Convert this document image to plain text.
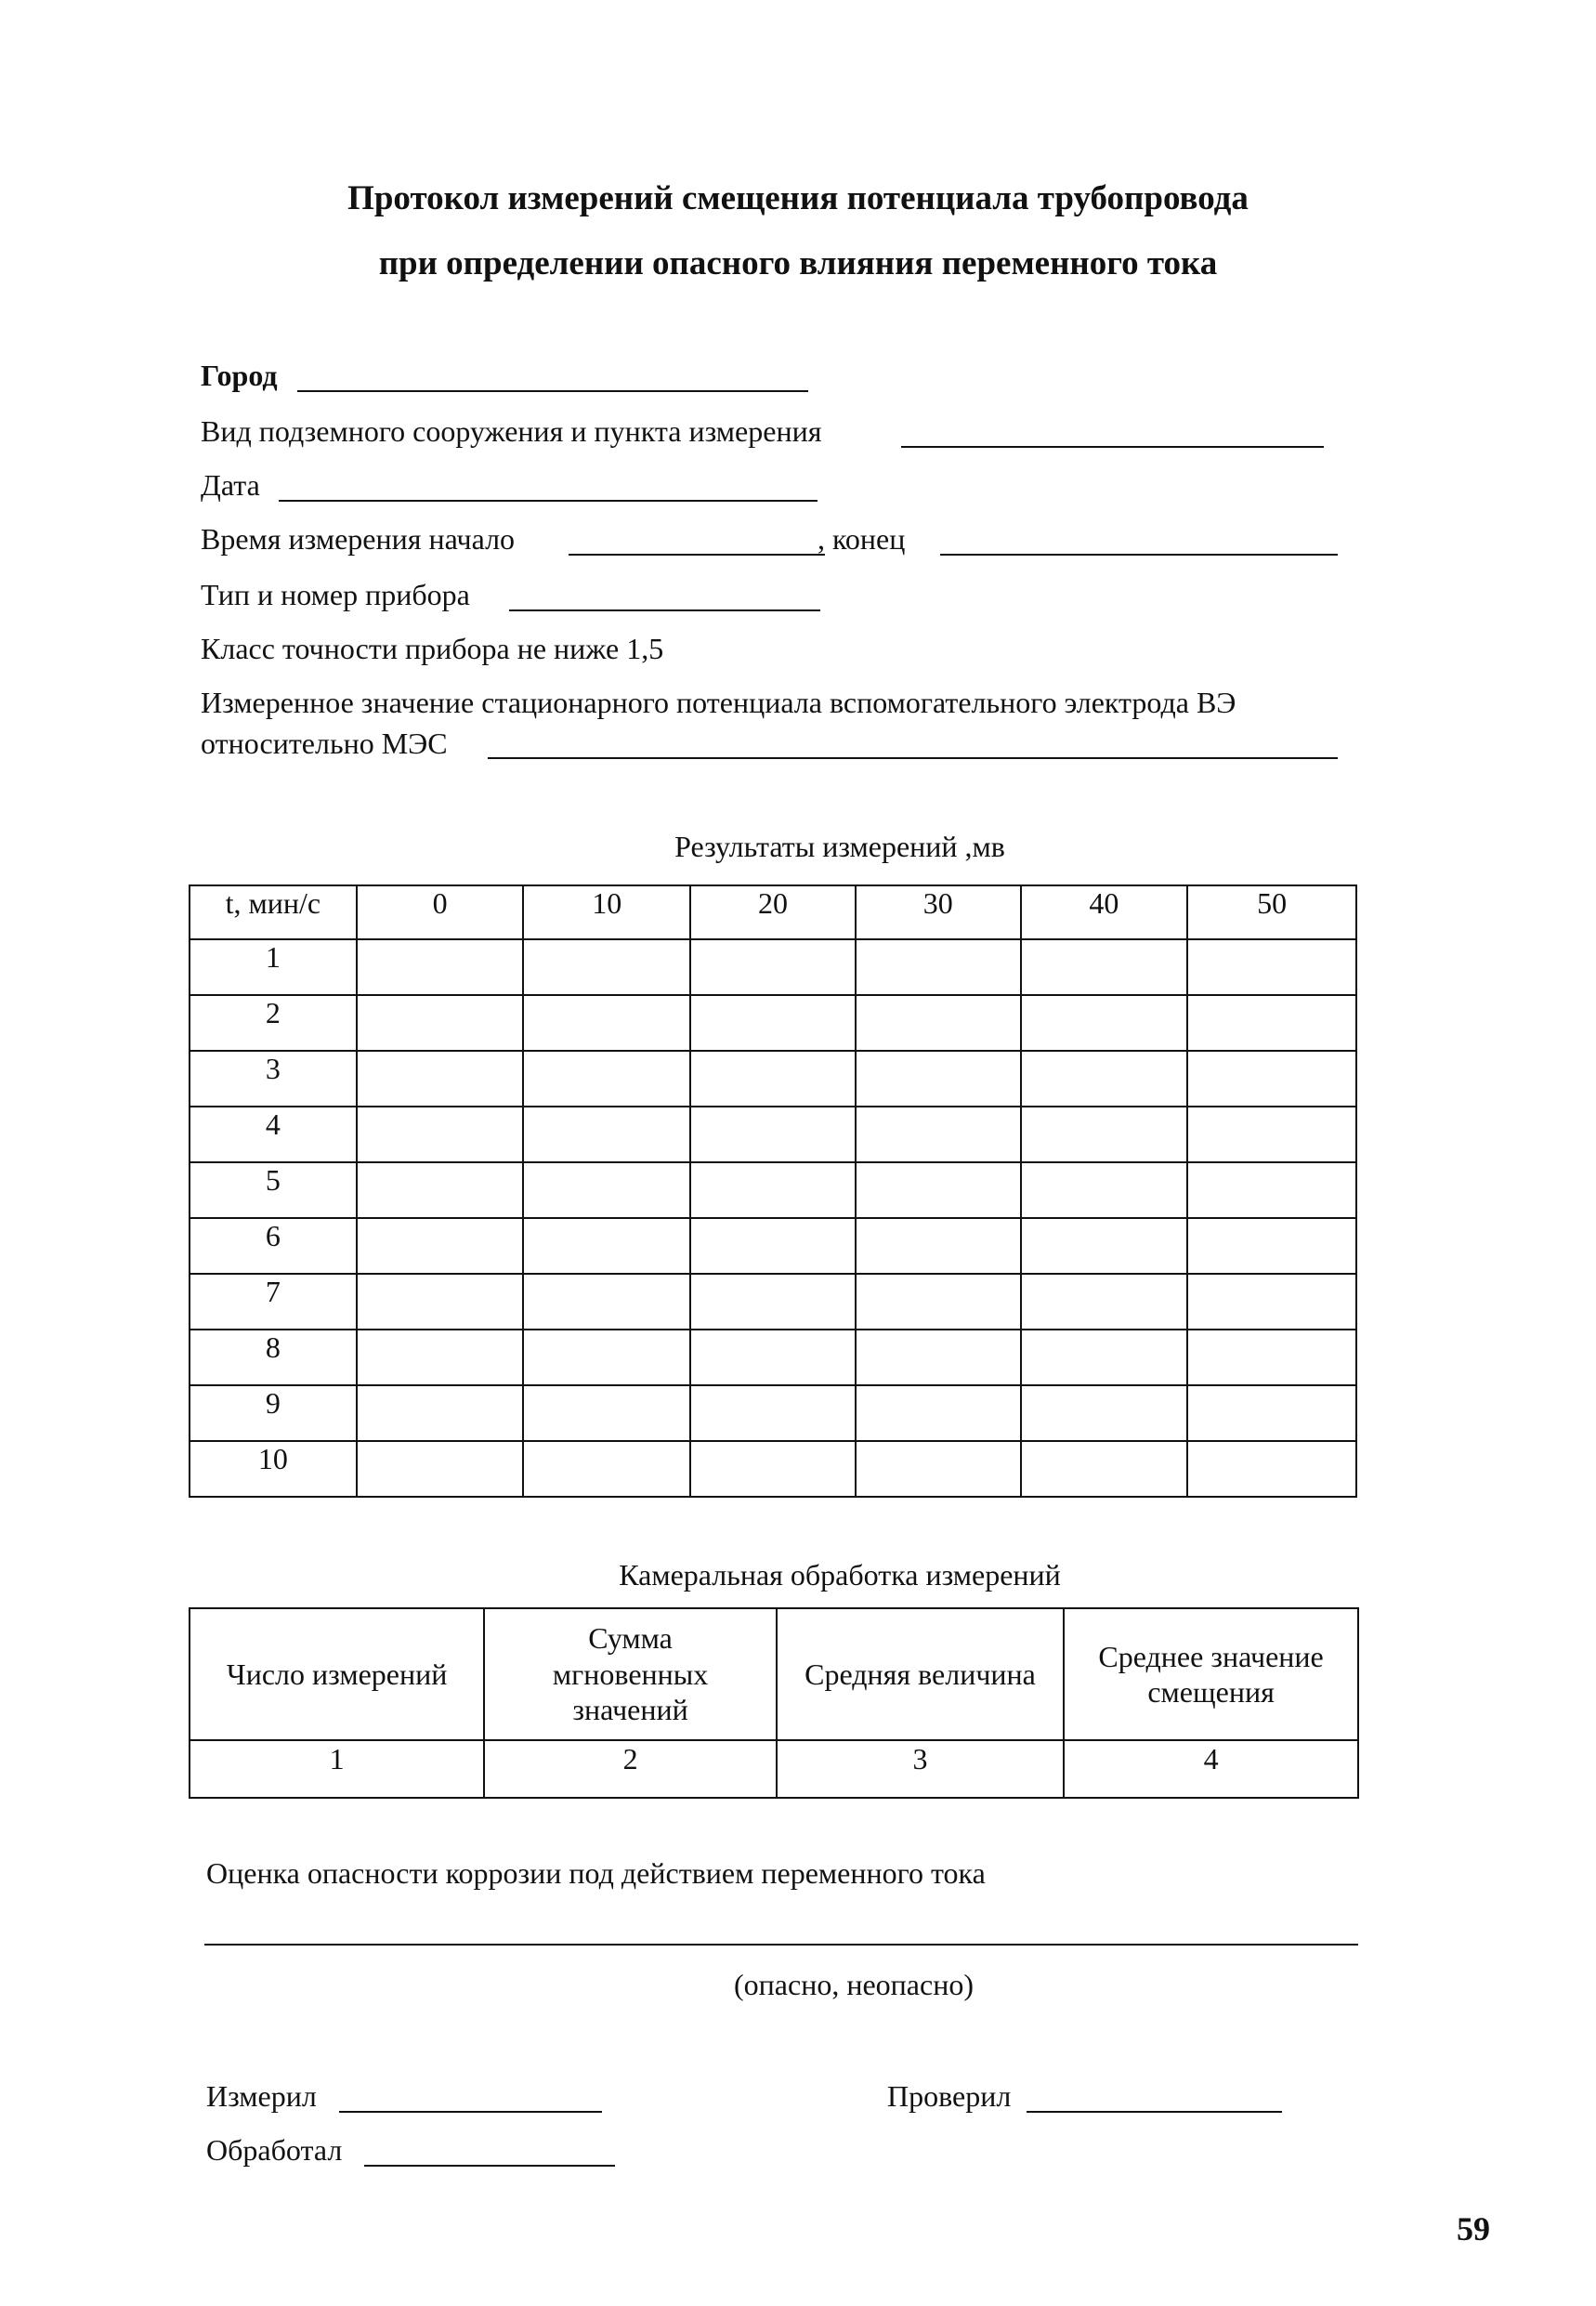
Протокол измерений смещения потенциала трубопровода
при определении опасного влияния переменного тока
Город
Вид подземного сооружения и пункта измерения
Дата
Время измерения начало	, конец
Тип и номер прибора
Класс точности прибора не ниже 1,5
Измеренное значение стационарного потенциала вспомогательного электрода ВЭ
относительно МЭС
Результаты измерений ,мв
t, мин/с	0	10	20	30	40	50
1						
2						
3						
4						
5						
6						
7						
8						
9						
10						
Камеральная обработка измерений
Число измерений	Сумма мгновенных значений	Средняя величина	Среднее значение смещения

1	2	3	4
Оценка опасности коррозии под действием переменного тока
(опасно, неопасно)
Измерил	Проверил
Обработал
59
